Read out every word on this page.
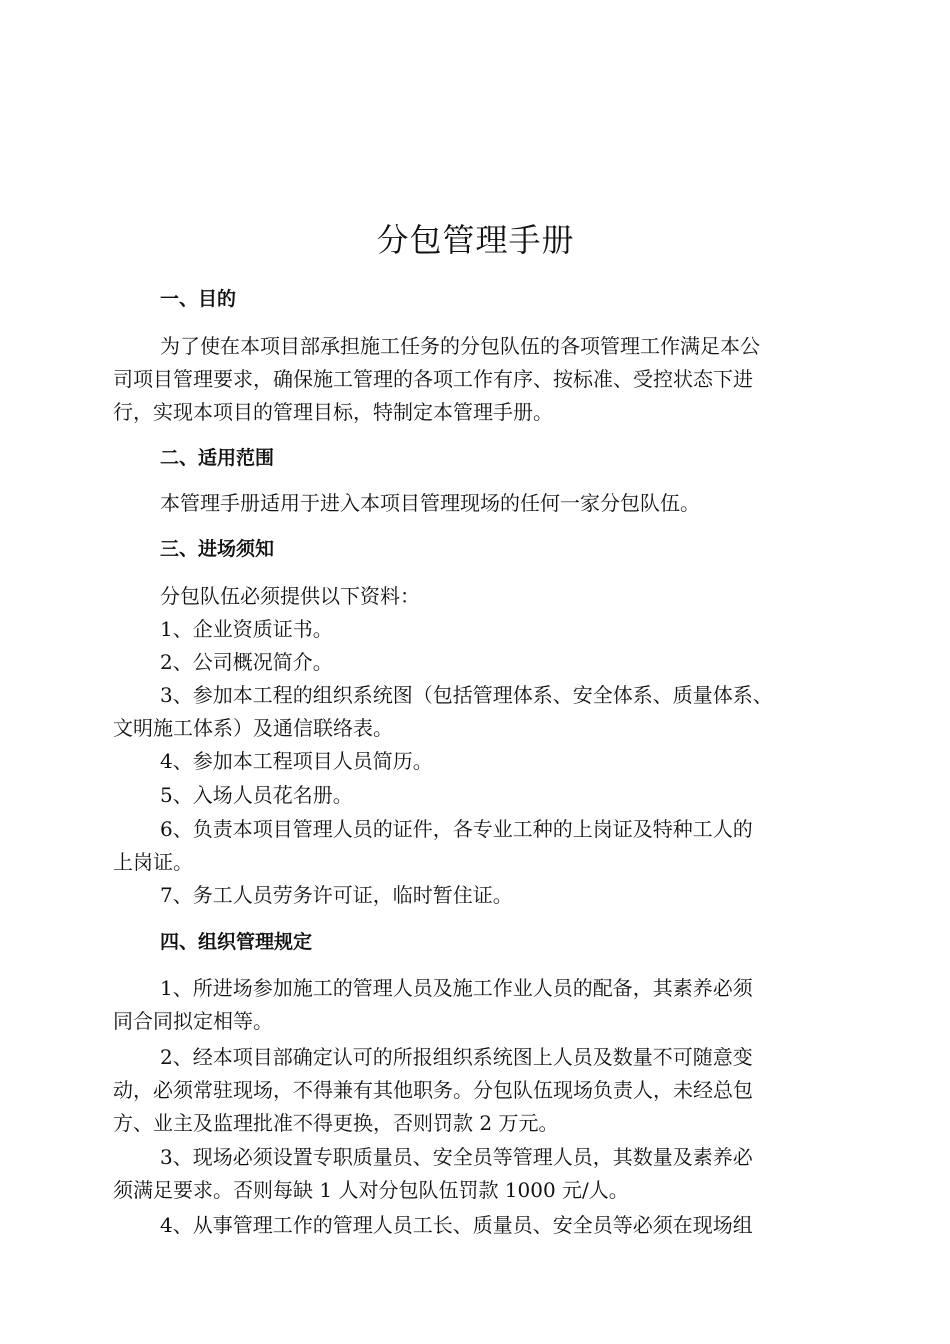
分包管理手册
一、目的

为了使在本项目部承担施工任务的分包队伍的各项管理工作满足本公
司项目管理要求，确保施工管理的各项工作有序、按标准、受控状态下进
行，实现本项目的管理目标，特制定本管理手册。

二、适用范围

本管理手册适用于进入本项目管理现场的任何一家分包队伍。

三、进场须知

分包队伍必须提供以下资料：

1、企业资质证书。

2、公司概况简介。

3、参加本工程的组织系统图（包括管理体系、安全体系、质量体系、
文明施工体系）及通信联络表。

4、参加本工程项目人员简历。

5、入场人员花名册。

6、负责本项目管理人员的证件，各专业工种的上岗证及特种工人的
上岗证。

7、务工人员劳务许可证，临时暂住证。

四、组织管理规定

1、所进场参加施工的管理人员及施工作业人员的配备，其素养必须
同合同拟定相等。

2、经本项目部确定认可的所报组织系统图上人员及数量不可随意变
动，必须常驻现场，不得兼有其他职务。分包队伍现场负责人，未经总包
方、业主及监理批准不得更换，否则罚款 2 万元。

3、现场必须设置专职质量员、安全员等管理人员，其数量及素养必
须满足要求。否则每缺 1 人对分包队伍罚款 1000 元/人。

4、从事管理工作的管理人员工长、质量员、安全员等必须在现场组
